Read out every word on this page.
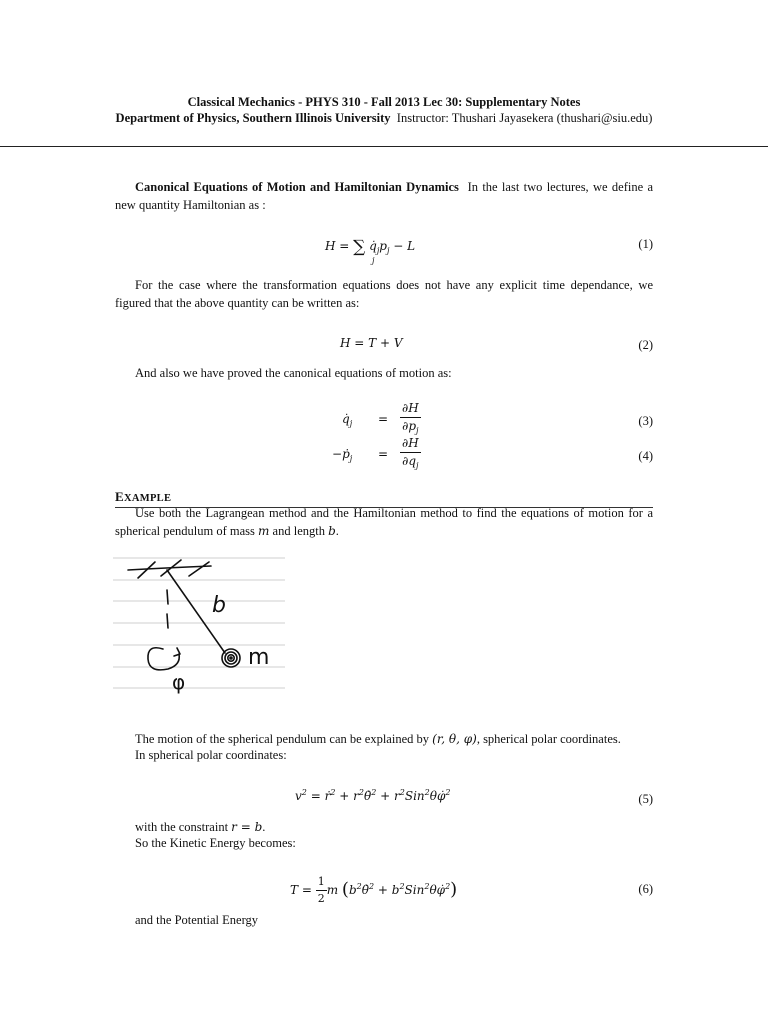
Classical Mechanics - PHYS 310 - Fall 2013 Lec 30: Supplementary Notes
Department of Physics, Southern Illinois University Instructor: Thushari Jayasekera (thushari@siu.edu)
Canonical Equations of Motion and Hamiltonian Dynamics In the last two lectures, we define a new quantity Hamiltonian as :
H = ∑
j
$q̇_jp_j - L$	(1)
For the case where the transformation equations does not have any explicit time dependance, we figured that the above quantity can be written as:
H = T + V	(2)
And also we have proved the canonical equations of motion as:
$q̇_j = \frac{\partial H}{\partial p_j}$	(3)
−ṗ$_j$ = $\frac{\partial H}{\partial q_j}$	(4)
EXAMPLE
Use both the Lagrangean method and the Hamiltonian method to find the equations of motion for a spherical pendulum of mass m and length b.
b
m
φ
The motion of the spherical pendulum can be explained by (r, θ, φ), spherical polar coordinates.
In spherical polar coordinates:
$v^2$ = ṙ$^2$ + $r^2\thetȧ^2$ + $r^2Sin^2\theta\varphi̇^2$	(5)
with the constraint r = b.
So the Kinetic Energy becomes:
$T = \frac{1}{2}$ m ($b^2\thetȧ^2$ + $b^2Sin^2\theta\varphi̇^2$)	(6)
and the Potential Energy
